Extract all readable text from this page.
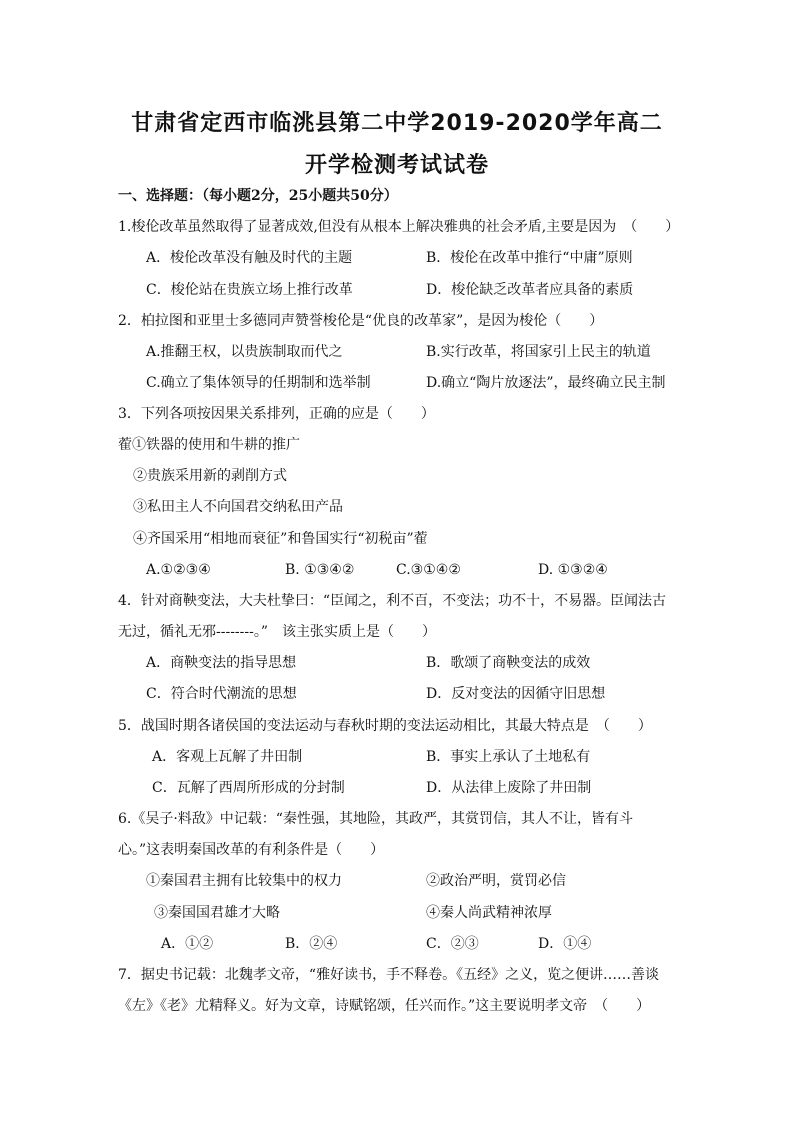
甘肃省定西市临洮县第二中学2019-2020学年高二
开学检测考试试卷
一、选择题：（每小题2分，25小题共50分）
1.梭伦改革虽然取得了显著成效,但没有从根本上解决雅典的社会矛盾,主要是因为　（　　）
A．梭伦改革没有触及时代的主题	B．梭伦在改革中推行“中庸”原则
C．梭伦站在贵族立场上推行改革	D．梭伦缺乏改革者应具备的素质
2．柏拉图和亚里士多德同声赞誉梭伦是“优良的改革家”，是因为梭伦（　　）
A.推翻王权，以贵族制取而代之	B.实行改革，将国家引上民主的轨道
C.确立了集体领导的任期制和选举制	D.确立“陶片放逐法”，最终确立民主制
3．下列各项按因果关系排列，正确的应是（　　）
蒮①铁器的使用和牛耕的推广
②贵族采用新的剥削方式
③私田主人不向国君交纳私田产品
④齐国采用“相地而衰征”和鲁国实行“初税亩”蒮
A.①②③④	B. ①③④②	C.③①④②	D. ①③②④
4．针对商鞅变法，大夫杜挚曰：“臣闻之，利不百，不变法；功不十，不易器。臣闻法古
无过，循礼无邪--------。”　该主张实质上是（　　）
A．商鞅变法的指导思想	B．歌颂了商鞅变法的成效
C．符合时代潮流的思想	D．反对变法的因循守旧思想
5．战国时期各诸侯国的变法运动与春秋时期的变法运动相比，其最大特点是　（　　）
A．客观上瓦解了井田制	B．事实上承认了土地私有
C．瓦解了西周所形成的分封制	D．从法律上废除了井田制
6.《吴子·料敌》中记载：“秦性强，其地险，其政严，其赏罚信，其人不让，皆有斗
心。”这表明秦国改革的有利条件是（　　）
①秦国君主拥有比较集中的权力	②政治严明，赏罚必信
③秦国国君雄才大略	④秦人尚武精神浓厚
A．①②	B．②④	C．②③	D．①④
7．据史书记载：北魏孝文帝，“雅好读书，手不释卷。《五经》之义，览之便讲……善谈
《左》《老》尤精释义。好为文章，诗赋铭颂，任兴而作。”这主要说明孝文帝　（　　）
